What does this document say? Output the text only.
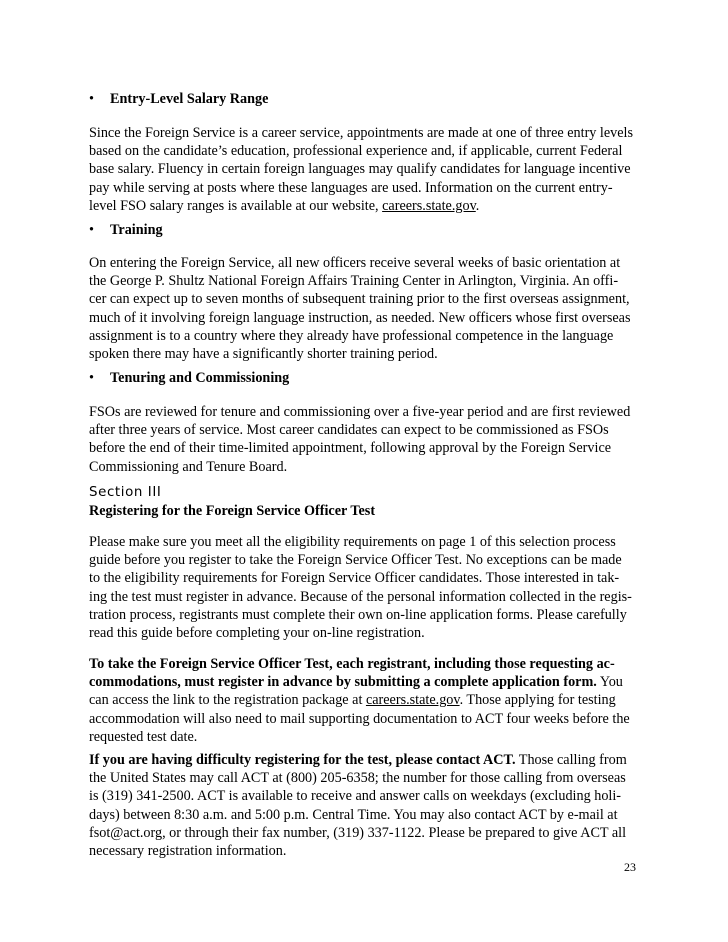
• Entry-Level Salary Range
Since the Foreign Service is a career service, appointments are made at one of three entry levels
based on the candidate’s education, professional experience and, if applicable, current Federal
base salary. Fluency in certain foreign languages may qualify candidates for language incentive
pay while serving at posts where these languages are used. Information on the current entry-
level FSO salary ranges is available at our website, careers.state.gov.
• Training
On entering the Foreign Service, all new officers receive several weeks of basic orientation at
the George P. Shultz National Foreign Affairs Training Center in Arlington, Virginia. An offi-
cer can expect up to seven months of subsequent training prior to the first overseas assignment,
much of it involving foreign language instruction, as needed. New officers whose first overseas
assignment is to a country where they already have professional competence in the language
spoken there may have a significantly shorter training period.
• Tenuring and Commissioning
FSOs are reviewed for tenure and commissioning over a five-year period and are first reviewed
after three years of service. Most career candidates can expect to be commissioned as FSOs
before the end of their time-limited appointment, following approval by the Foreign Service
Commissioning and Tenure Board.
Section III
Registering for the Foreign Service Officer Test
Please make sure you meet all the eligibility requirements on page 1 of this selection process
guide before you register to take the Foreign Service Officer Test. No exceptions can be made
to the eligibility requirements for Foreign Service Officer candidates. Those interested in tak-
ing the test must register in advance. Because of the personal information collected in the regis-
tration process, registrants must complete their own on-line application forms. Please carefully
read this guide before completing your on-line registration.
To take the Foreign Service Officer Test, each registrant, including those requesting ac-
commodations, must register in advance by submitting a complete application form. You
can access the link to the registration package at careers.state.gov. Those applying for testing
accommodation will also need to mail supporting documentation to ACT four weeks before the
requested test date.
If you are having difficulty registering for the test, please contact ACT. Those calling from
the United States may call ACT at (800) 205-6358; the number for those calling from overseas
is (319) 341-2500. ACT is available to receive and answer calls on weekdays (excluding holi-
days) between 8:30 a.m. and 5:00 p.m. Central Time. You may also contact ACT by e-mail at
fsot@act.org, or through their fax number, (319) 337-1122. Please be prepared to give ACT all
necessary registration information.
23
